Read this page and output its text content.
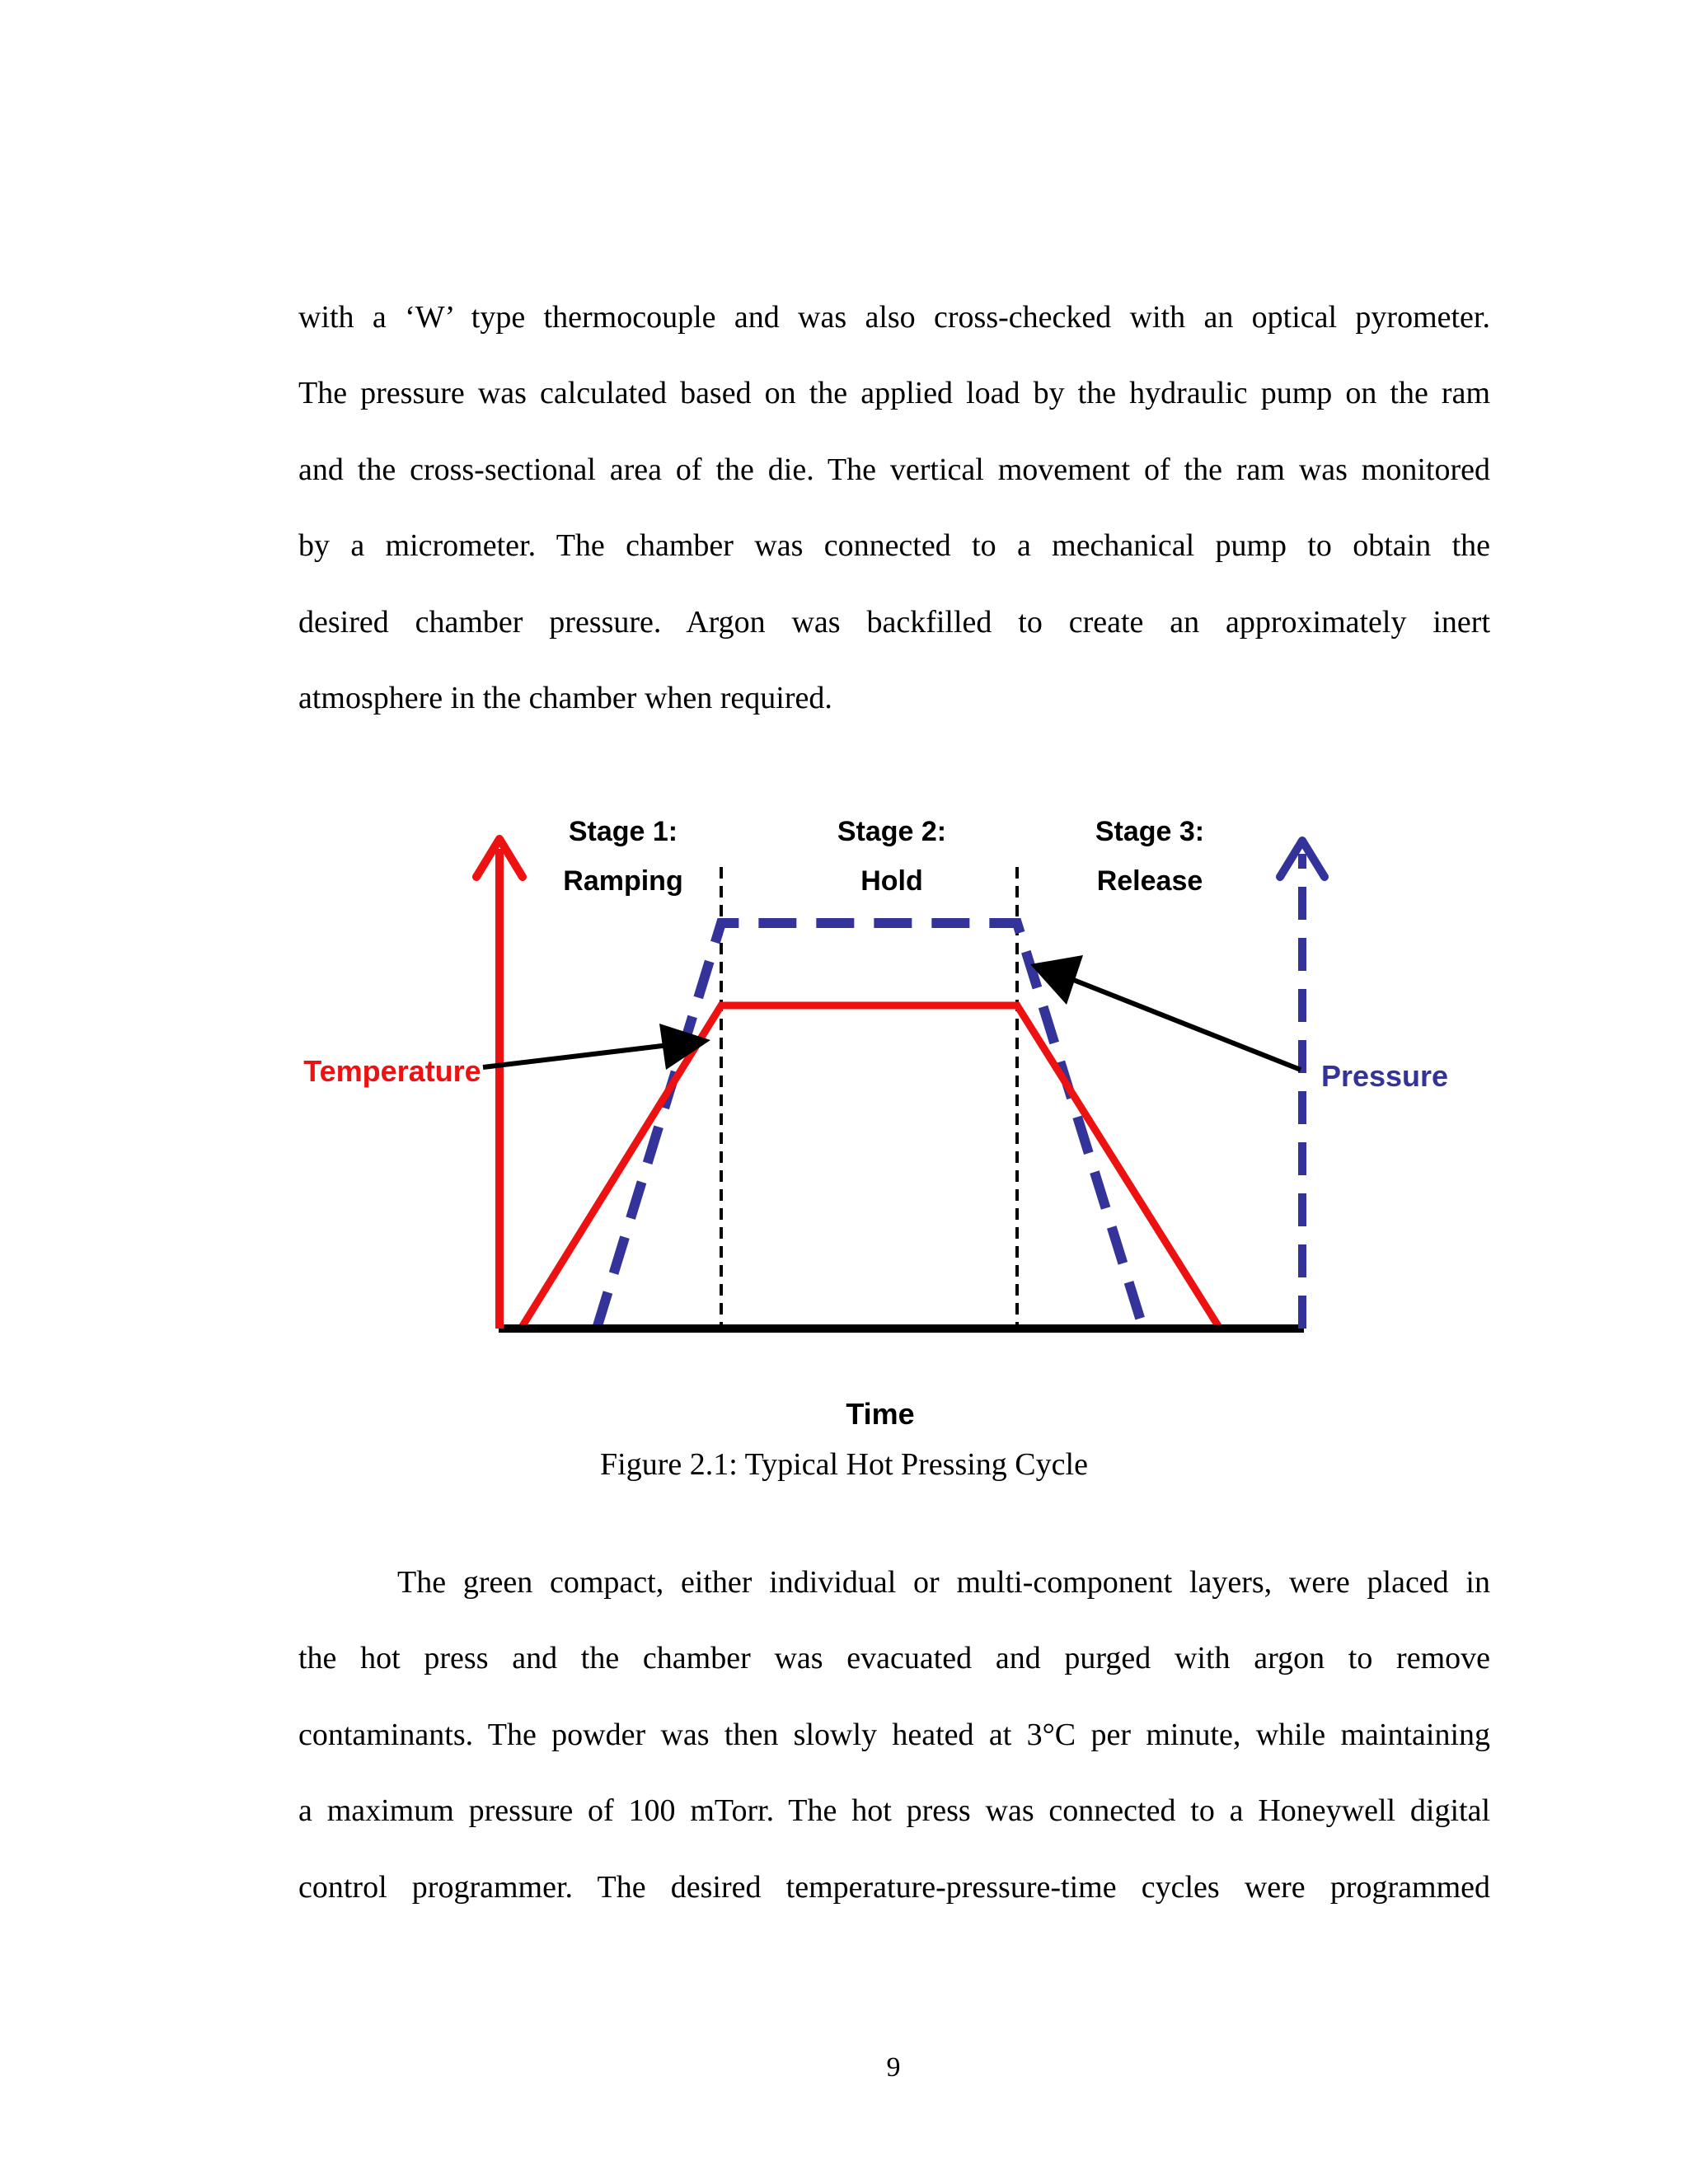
with a ‘W’ type thermocouple and was also cross-checked with an optical pyrometer.
The pressure was calculated based on the applied load by the hydraulic pump on the ram
and the cross-sectional area of the die. The vertical movement of the ram was monitored
by a micrometer. The chamber was connected to a mechanical pump to obtain the
desired chamber pressure. Argon was backfilled to create an approximately inert
atmosphere in the chamber when required.
Stage 1:
Ramping
Stage 2:
Hold
Stage 3:
Release
Temperature	Pressure
Time
Figure 2.1: Typical Hot Pressing Cycle
The green compact, either individual or multi-component layers, were placed in
the hot press and the chamber was evacuated and purged with argon to remove
contaminants. The powder was then slowly heated at 3°C per minute, while maintaining
a maximum pressure of 100 mTorr. The hot press was connected to a Honeywell digital
control programmer. The desired temperature-pressure-time cycles were programmed
9
